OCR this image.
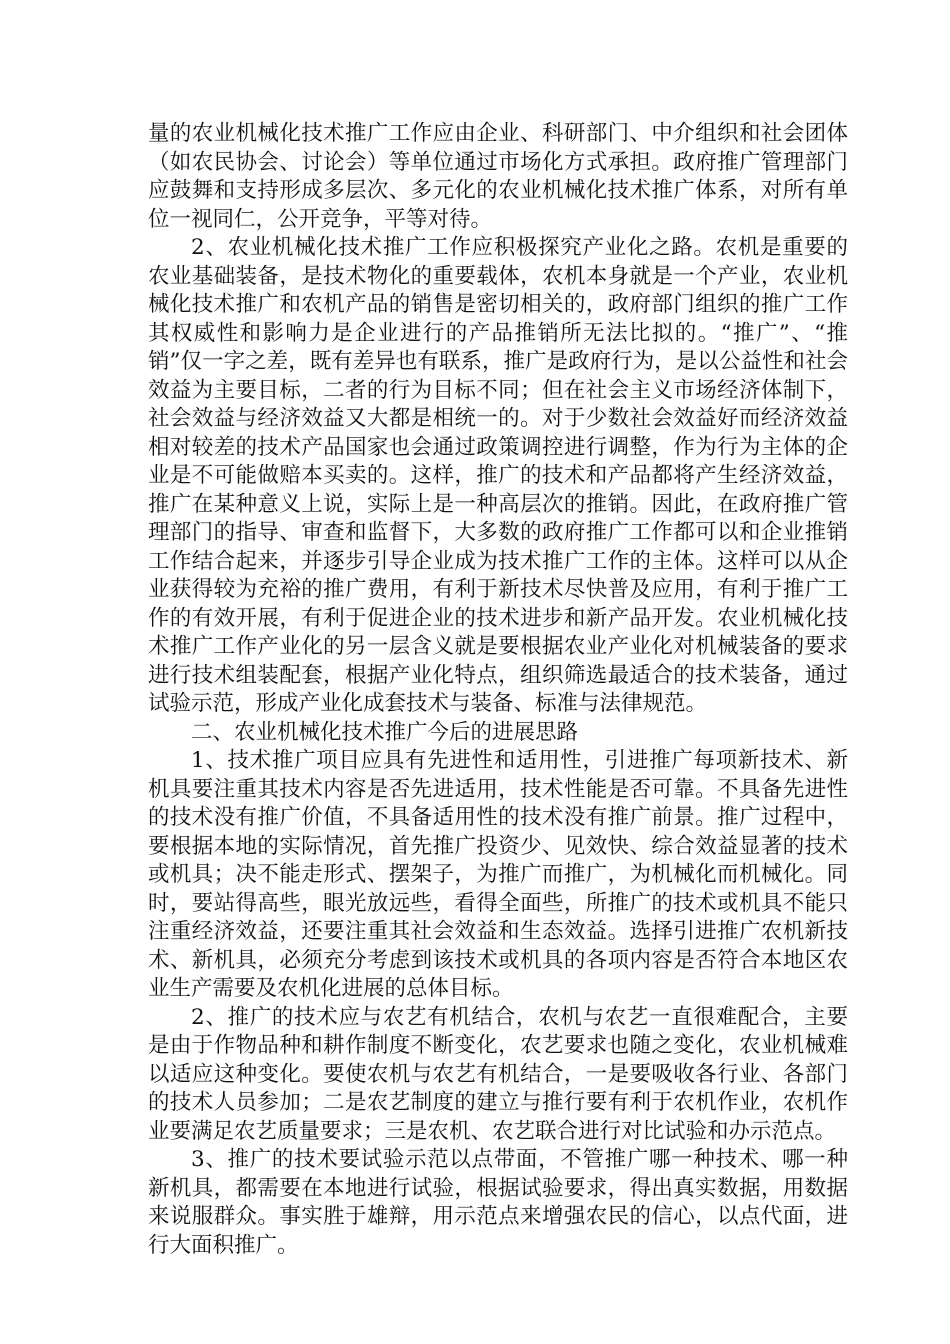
量的农业机械化技术推广工作应由企业、科研部门、中介组织和社会团体（如农民协会、讨论会）等单位通过市场化方式承担。政府推广管理部门应鼓舞和支持形成多层次、多元化的农业机械化技术推广体系，对所有单位一视同仁，公开竞争，平等对待。

2、农业机械化技术推广工作应积极探究产业化之路。农机是重要的农业基础装备，是技术物化的重要载体，农机本身就是一个产业，农业机械化技术推广和农机产品的销售是密切相关的，政府部门组织的推广工作其权威性和影响力是企业进行的产品推销所无法比拟的。“推广”、“推销”仅一字之差，既有差异也有联系，推广是政府行为，是以公益性和社会效益为主要目标，二者的行为目标不同；但在社会主义市场经济体制下，社会效益与经济效益又大都是相统一的。对于少数社会效益好而经济效益相对较差的技术产品国家也会通过政策调控进行调整，作为行为主体的企业是不可能做赔本买卖的。这样，推广的技术和产品都将产生经济效益，推广在某种意义上说，实际上是一种高层次的推销。因此，在政府推广管理部门的指导、审查和监督下，大多数的政府推广工作都可以和企业推销工作结合起来，并逐步引导企业成为技术推广工作的主体。这样可以从企业获得较为充裕的推广费用，有利于新技术尽快普及应用，有利于推广工作的有效开展，有利于促进企业的技术进步和新产品开发。农业机械化技术推广工作产业化的另一层含义就是要根据农业产业化对机械装备的要求进行技术组装配套，根据产业化特点，组织筛选最适合的技术装备，通过试验示范，形成产业化成套技术与装备、标准与法律规范。

二、农业机械化技术推广今后的进展思路

1、技术推广项目应具有先进性和适用性，引进推广每项新技术、新机具要注重其技术内容是否先进适用，技术性能是否可靠。不具备先进性的技术没有推广价值，不具备适用性的技术没有推广前景。推广过程中，要根据本地的实际情况，首先推广投资少、见效快、综合效益显著的技术或机具；决不能走形式、摆架子，为推广而推广，为机械化而机械化。同时，要站得高些，眼光放远些，看得全面些，所推广的技术或机具不能只注重经济效益，还要注重其社会效益和生态效益。选择引进推广农机新技术、新机具，必须充分考虑到该技术或机具的各项内容是否符合本地区农业生产需要及农机化进展的总体目标。

2、推广的技术应与农艺有机结合，农机与农艺一直很难配合，主要是由于作物品种和耕作制度不断变化，农艺要求也随之变化，农业机械难以适应这种变化。要使农机与农艺有机结合，一是要吸收各行业、各部门的技术人员参加；二是农艺制度的建立与推行要有利于农机作业，农机作业要满足农艺质量要求；三是农机、农艺联合进行对比试验和办示范点。

3、推广的技术要试验示范以点带面，不管推广哪一种技术、哪一种新机具，都需要在本地进行试验，根据试验要求，得出真实数据，用数据来说服群众。事实胜于雄辩，用示范点来增强农民的信心，以点代面，进行大面积推广。
